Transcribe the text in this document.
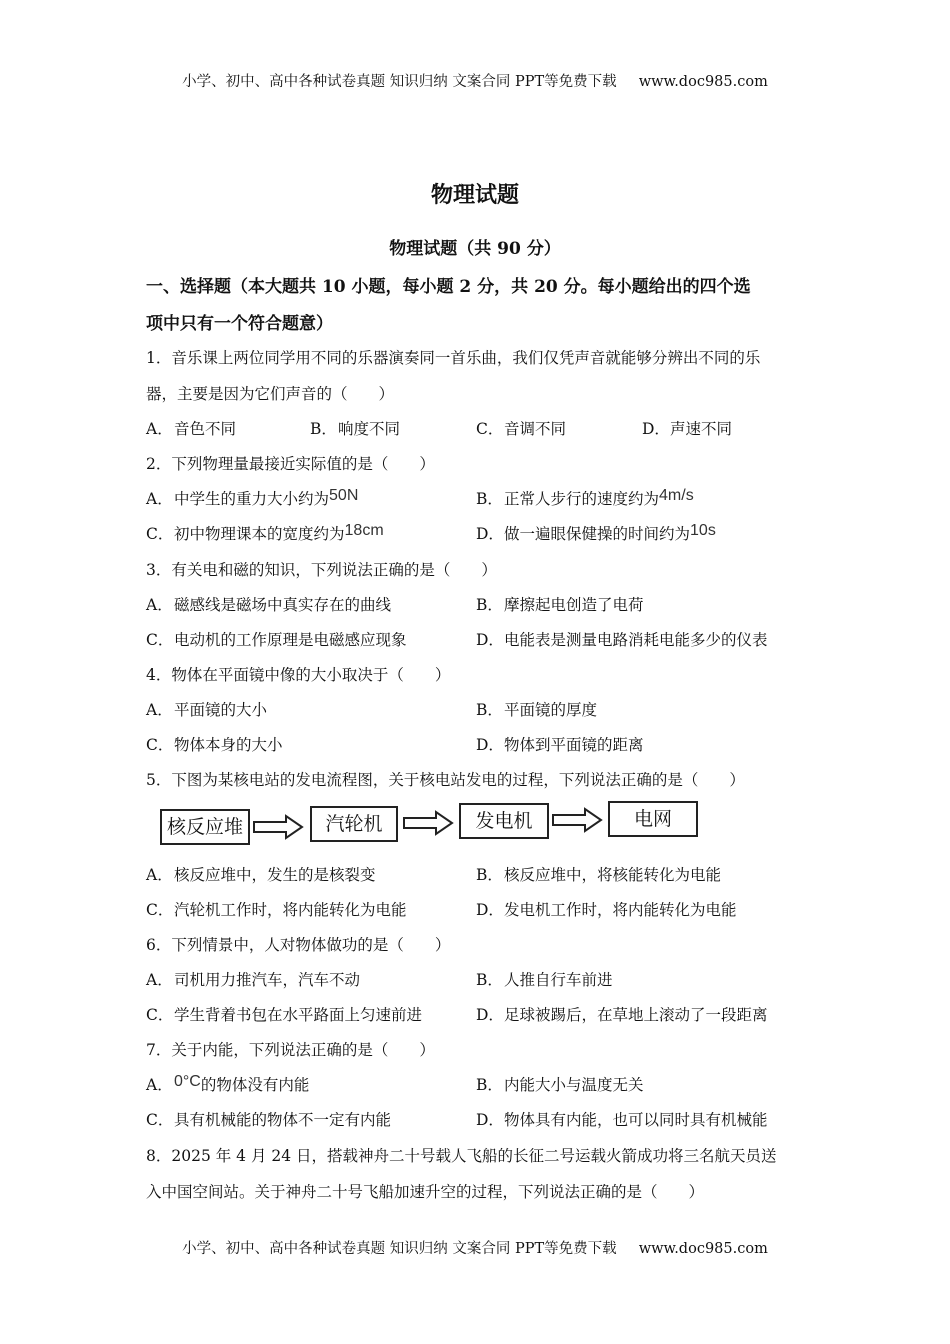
小学、初中、高中各种试卷真题 知识归纳 文案合同 PPT等免费下载 www.doc985.com
物理试题
物理试题（共 90 分）
一、选择题（本大题共 10 小题，每小题 2 分，共 20 分。每小题给出的四个选
项中只有一个符合题意）
1．音乐课上两位同学用不同的乐器演奏同一首乐曲，我们仅凭声音就能够分辨出不同的乐
器，主要是因为它们声音的（　　）
A．音色不同	B．响度不同	C．音调不同	D．声速不同
2．下列物理量最接近实际值的是（　　）
A．中学生的重力大小约为50N	B．正常人步行的速度约为4m/s
C．初中物理课本的宽度约为18cm	D．做一遍眼保健操的时间约为10s
3．有关电和磁的知识，下列说法正确的是（　　）
A．磁感线是磁场中真实存在的曲线	B．摩擦起电创造了电荷
C．电动机的工作原理是电磁感应现象	D．电能表是测量电路消耗电能多少的仪表
4．物体在平面镜中像的大小取决于（　　）
A．平面镜的大小	B．平面镜的厚度
C．物体本身的大小	D．物体到平面镜的距离
5．下图为某核电站的发电流程图，关于核电站发电的过程，下列说法正确的是（　　）
核反应堆	汽轮机	发电机	电网
A．核反应堆中，发生的是核裂变	B．核反应堆中，将核能转化为电能
C．汽轮机工作时，将内能转化为电能	D．发电机工作时，将内能转化为电能
6．下列情景中，人对物体做功的是（　　）
A．司机用力推汽车，汽车不动	B．人推自行车前进
C．学生背着书包在水平路面上匀速前进	D．足球被踢后，在草地上滚动了一段距离
7．关于内能，下列说法正确的是（　　）
A．0°C的物体没有内能	B．内能大小与温度无关
C．具有机械能的物体不一定有内能	D．物体具有内能，也可以同时具有机械能
8．2025 年 4 月 24 日，搭载神舟二十号载人飞船的长征二号运载火箭成功将三名航天员送
入中国空间站。关于神舟二十号飞船加速升空的过程，下列说法正确的是（　　）
小学、初中、高中各种试卷真题 知识归纳 文案合同 PPT等免费下载 www.doc985.com
